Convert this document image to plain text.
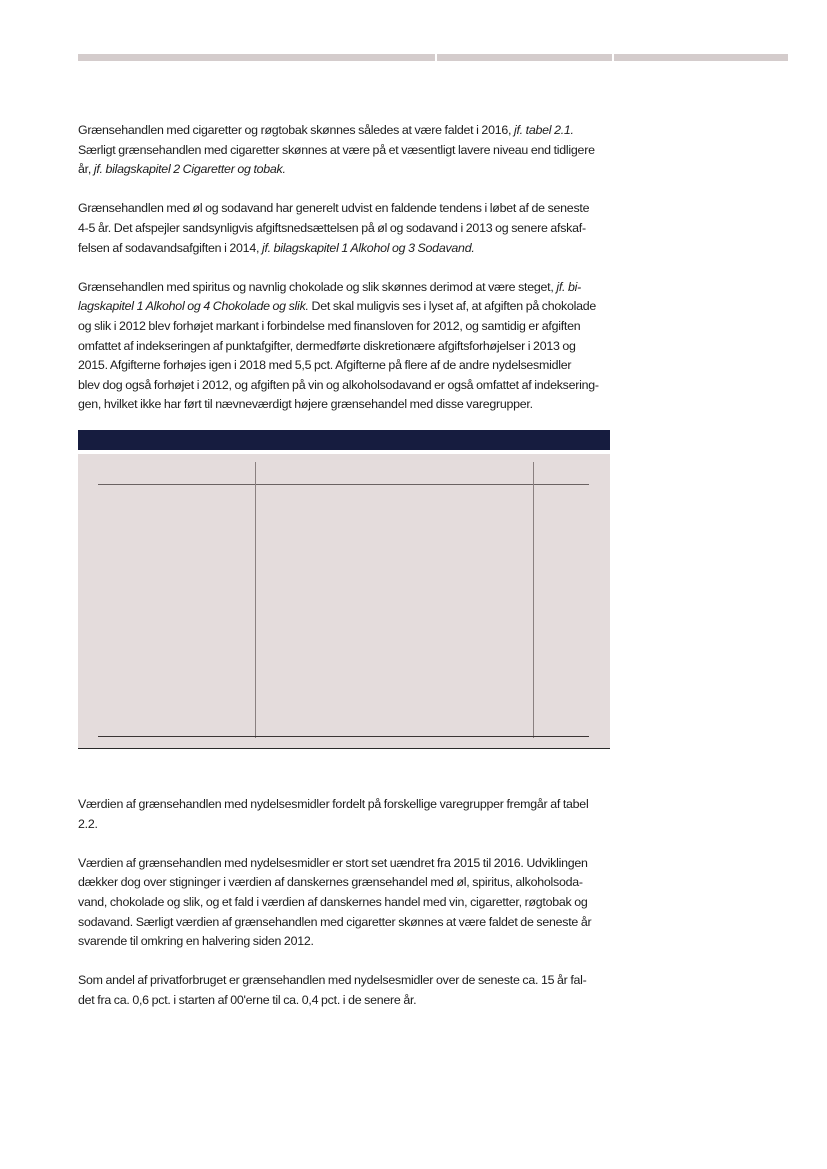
Grænsehandlen med cigaretter og røgtobak skønnes således at være faldet i 2016, jf. tabel 2.1.
Særligt grænsehandlen med cigaretter skønnes at være på et væsentligt lavere niveau end tidligere
år, jf. bilagskapitel 2 Cigaretter og tobak.

Grænsehandlen med øl og sodavand har generelt udvist en faldende tendens i løbet af de seneste
4-5 år. Det afspejler sandsynligvis afgiftsnedsættelsen på øl og sodavand i 2013 og senere afskaf-
felsen af sodavandsafgiften i 2014, jf. bilagskapitel 1 Alkohol og 3 Sodavand.

Grænsehandlen med spiritus og navnlig chokolade og slik skønnes derimod at være steget, jf. bi-
lagskapitel 1 Alkohol og 4 Chokolade og slik. Det skal muligvis ses i lyset af, at afgiften på chokolade
og slik i 2012 blev forhøjet markant i forbindelse med finansloven for 2012, og samtidig er afgiften
omfattet af indekseringen af punktafgifter, dermedførte diskretionære afgiftsforhøjelser i 2013 og
2015. Afgifterne forhøjes igen i 2018 med 5,5 pct. Afgifterne på flere af de andre nydelsesmidler
blev dog også forhøjet i 2012, og afgiften på vin og alkoholsodavand er også omfattet af indeksering-
gen, hvilket ikke har ført til nævneværdigt højere grænsehandel med disse varegrupper.

Værdien af grænsehandlen med nydelsesmidler fordelt på forskellige varegrupper fremgår af tabel
2.2.

Værdien af grænsehandlen med nydelsesmidler er stort set uændret fra 2015 til 2016. Udviklingen
dækker dog over stigninger i værdien af danskernes grænsehandel med øl, spiritus, alkoholsoda-
vand, chokolade og slik, og et fald i værdien af danskernes handel med vin, cigaretter, røgtobak og
sodavand. Særligt værdien af grænsehandlen med cigaretter skønnes at være faldet de seneste år
svarende til omkring en halvering siden 2012.

Som andel af privatforbruget er grænsehandlen med nydelsesmidler over de seneste ca. 15 år fal-
det fra ca. 0,6 pct. i starten af 00'erne til ca. 0,4 pct. i de senere år.
